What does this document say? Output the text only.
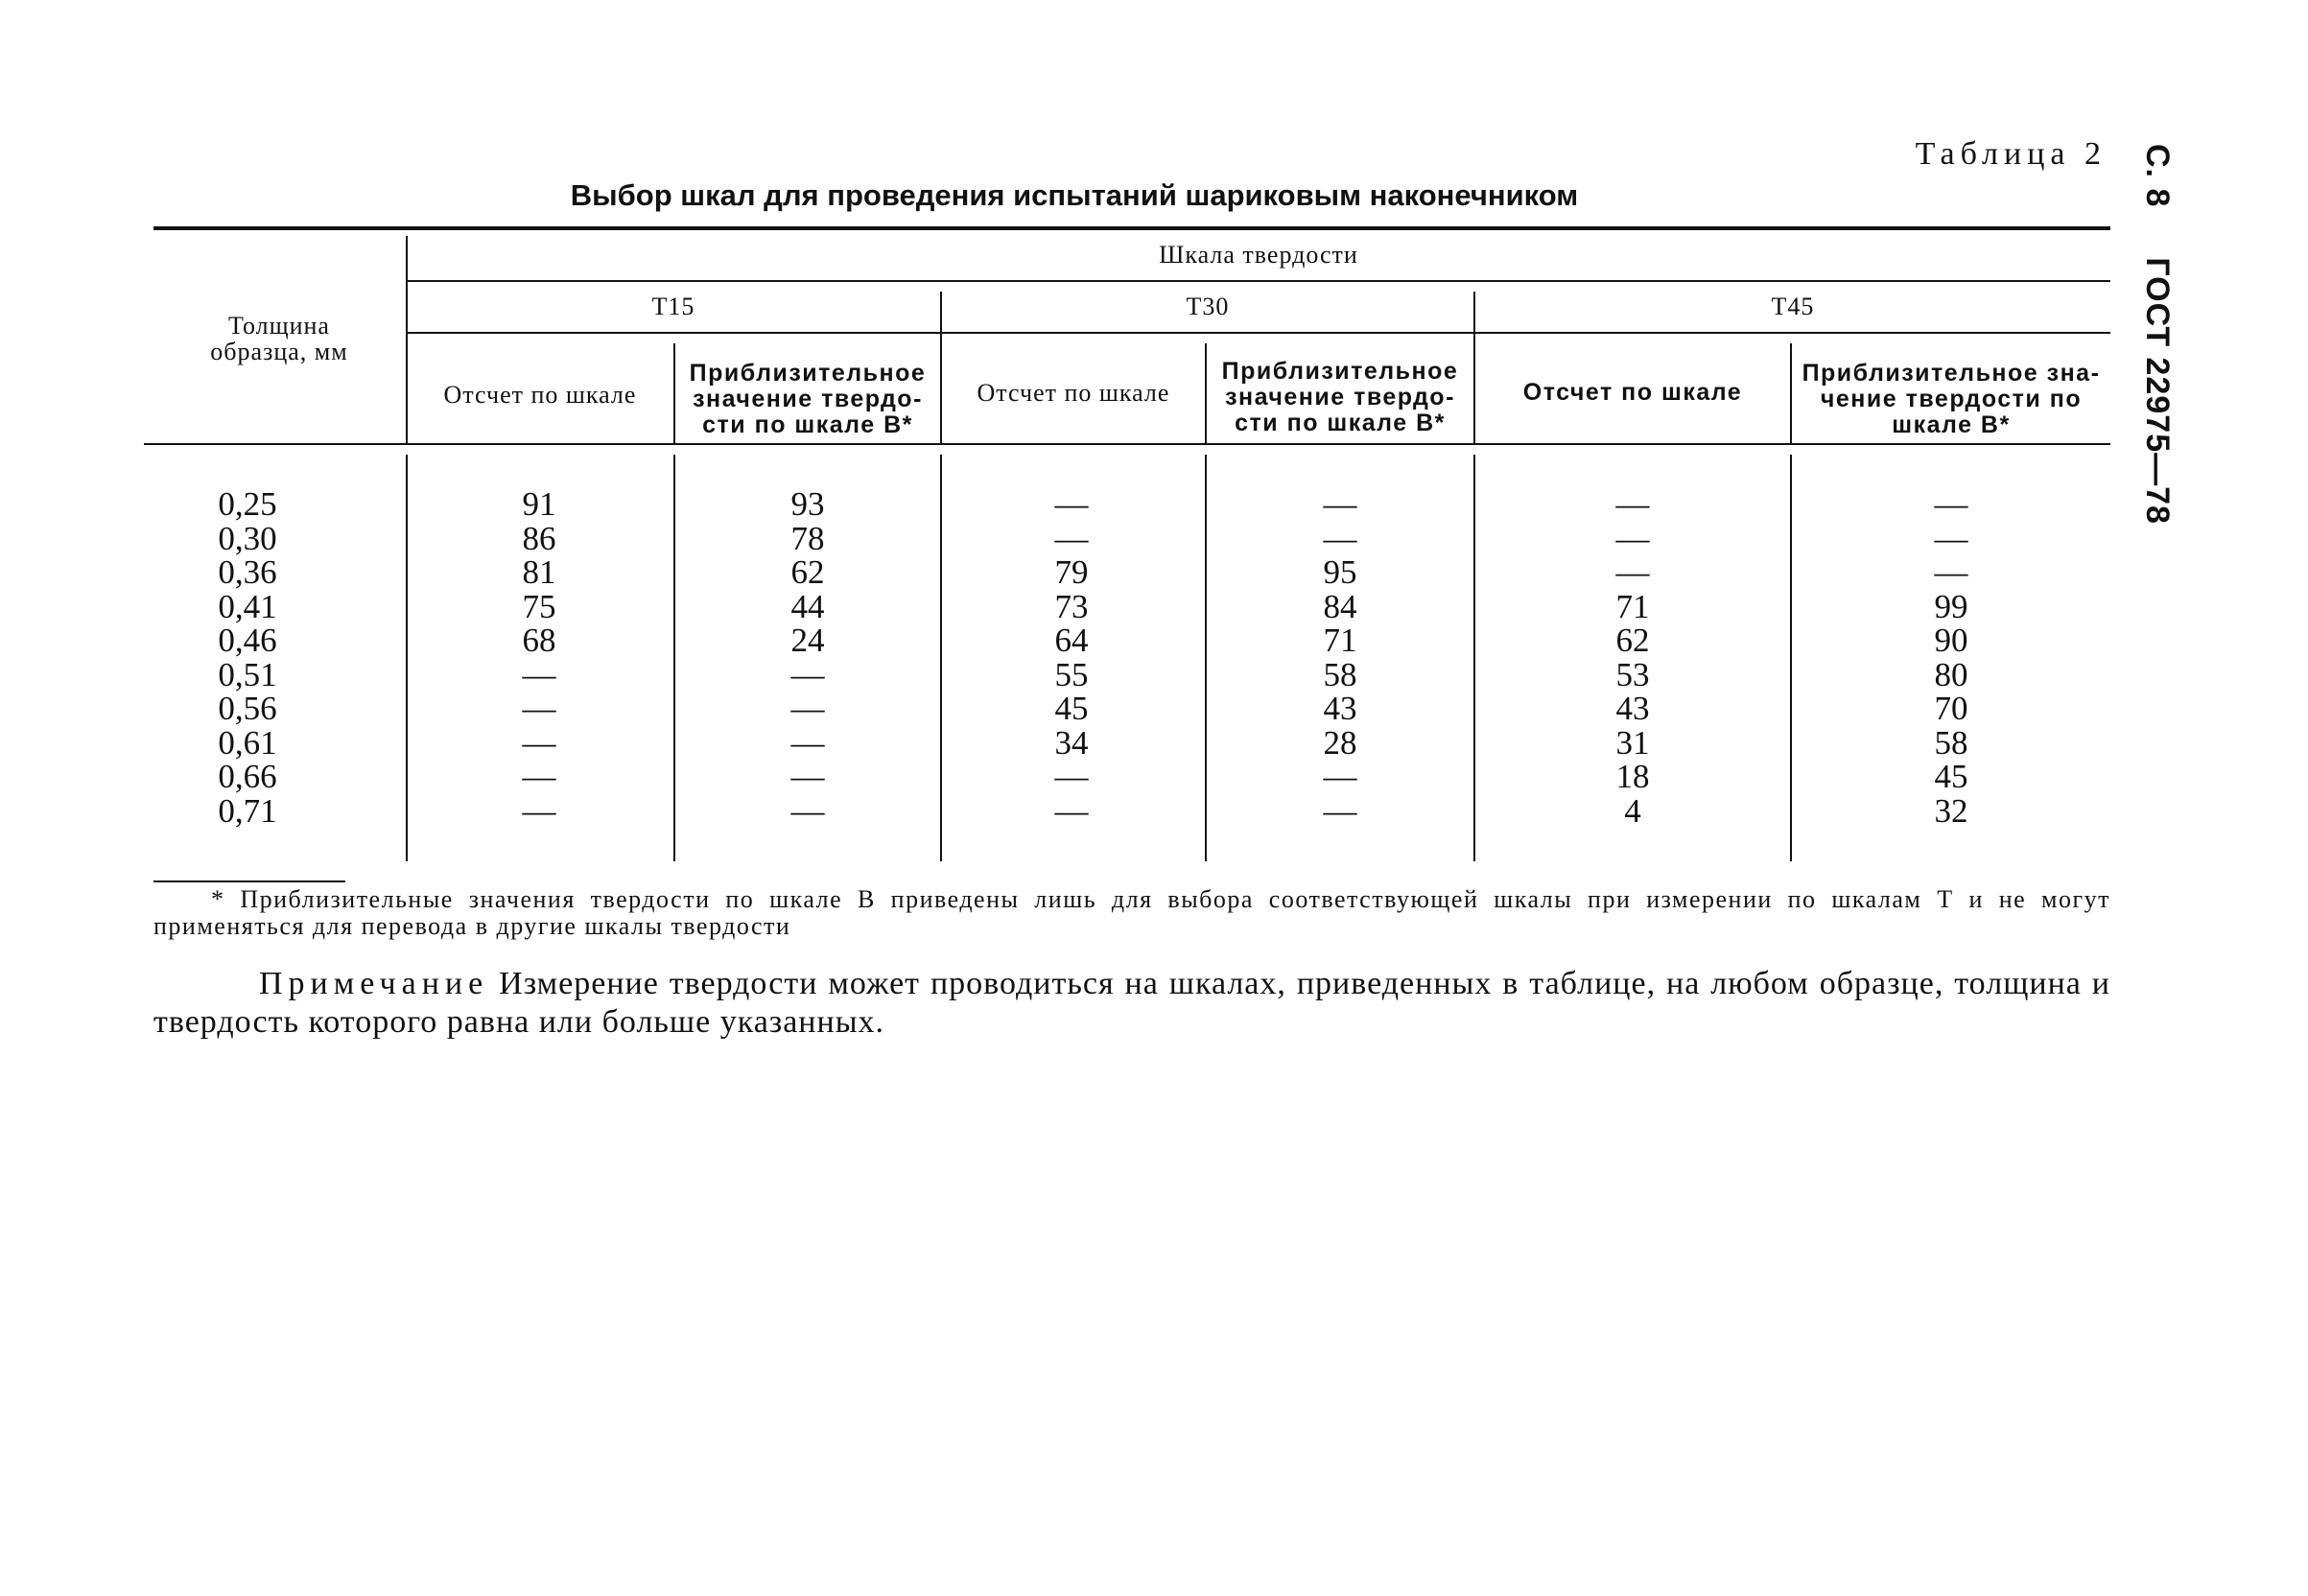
С. 8ГОСТ 22975—78
Таблица 2
Выбор шкал для проведения испытаний шариковым наконечником
Толщина
образца, мм
Шкала твердости
Т15	Т30	Т45
Отсчет по шкале
Приблизительное
значение твердо-
сти по шкале В*
Отсчет по шкале
Приблизительное
значение твердо-
сти по шкале В*
Отсчет по шкале
Приблизительное зна-
чение твердости по
шкале В*
0,25
0,30
0,36
0,41
0,46
0,51
0,56
0,61
0,66
0,71
91
86
81
75
68
—
—
—
—
—
93
78
62
44
24
—
—
—
—
—
—
—
79
73
64
55
45
34
—
—
—
—
95
84
71
58
43
28
—
—
—
—
—
71
62
53
43
31
18
4
—
—
—
99
90
80
70
58
45
32
* Приблизительные значения твердости по шкале В приведены лишь для выбора соответствующей шкалы при измерении по шкалам Т и не могут применяться для перевода в другие шкалы твердости
Примечание Измерение твердости может проводиться на шкалах, приведенных в таблице, на любом образце, толщина и твердость которого равна или больше указанных.
